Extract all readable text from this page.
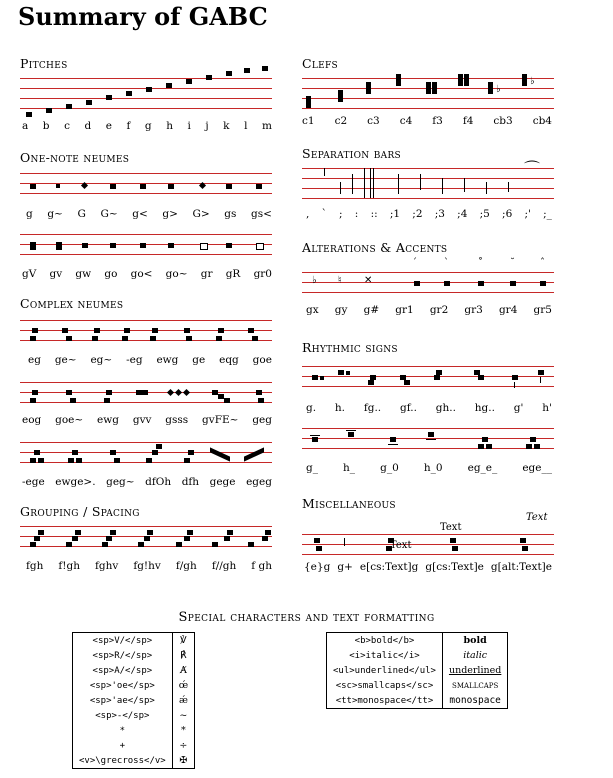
Summary of GABC
Pitches
a b c d e f g h i j k l m
One-note neumes
g g~ G G~ g< g> G> gs gs<
gV gv gw go go< go~ gr gR gr0
Complex neumes
eg ge~ eg~ -eg ewg ge eqg goe
eog goe~ ewg gvv gsss gvFE~ geg
-ege ewge>. geg~ dfOh dfh gege egeg
Grouping / Spacing
fgh f!gh fghv fg!hv f/gh f//gh f gh
Clefs
♭
♭
c1 c2 c3 c4 f3 f4 cb3 cb4
Separation bars
⌒
, ` ; : :: ;1 ;2 ;3 ;4 ;5 ;6 ;' ;_
Alterations & Accents
♭ ♮ ✕
ˊ	ˋ	˚	˘	ˆ
gx gy g# gr1 gr2 gr3 gr4 gr5
Rhythmic signs
g. h. fg.. gf.. gh.. hg.. g' h'
g_ h_ g_0 h_0 eg_e_ ege__
Miscellaneous
Text
Text
Text
{e}g g+ e[cs:Text]g g[cs:Text]e g[alt:Text]e
Special characters and text formatting
<sp>V/</sp>	℣
<sp>R/</sp>	℟
<sp>A/</sp>	A̸
<sp>'oe</sp>	œ́
<sp>'ae</sp>	ǽ
<sp>-</sp>	~
*	*
+	÷
<v>\grecross</v>	✠
<b>bold</b>	bold
<i>italic</i>	italic
<ul>underlined</ul>	underlined
<sc>smallcaps</sc>	smallcaps
<tt>monospace</tt>	monospace
